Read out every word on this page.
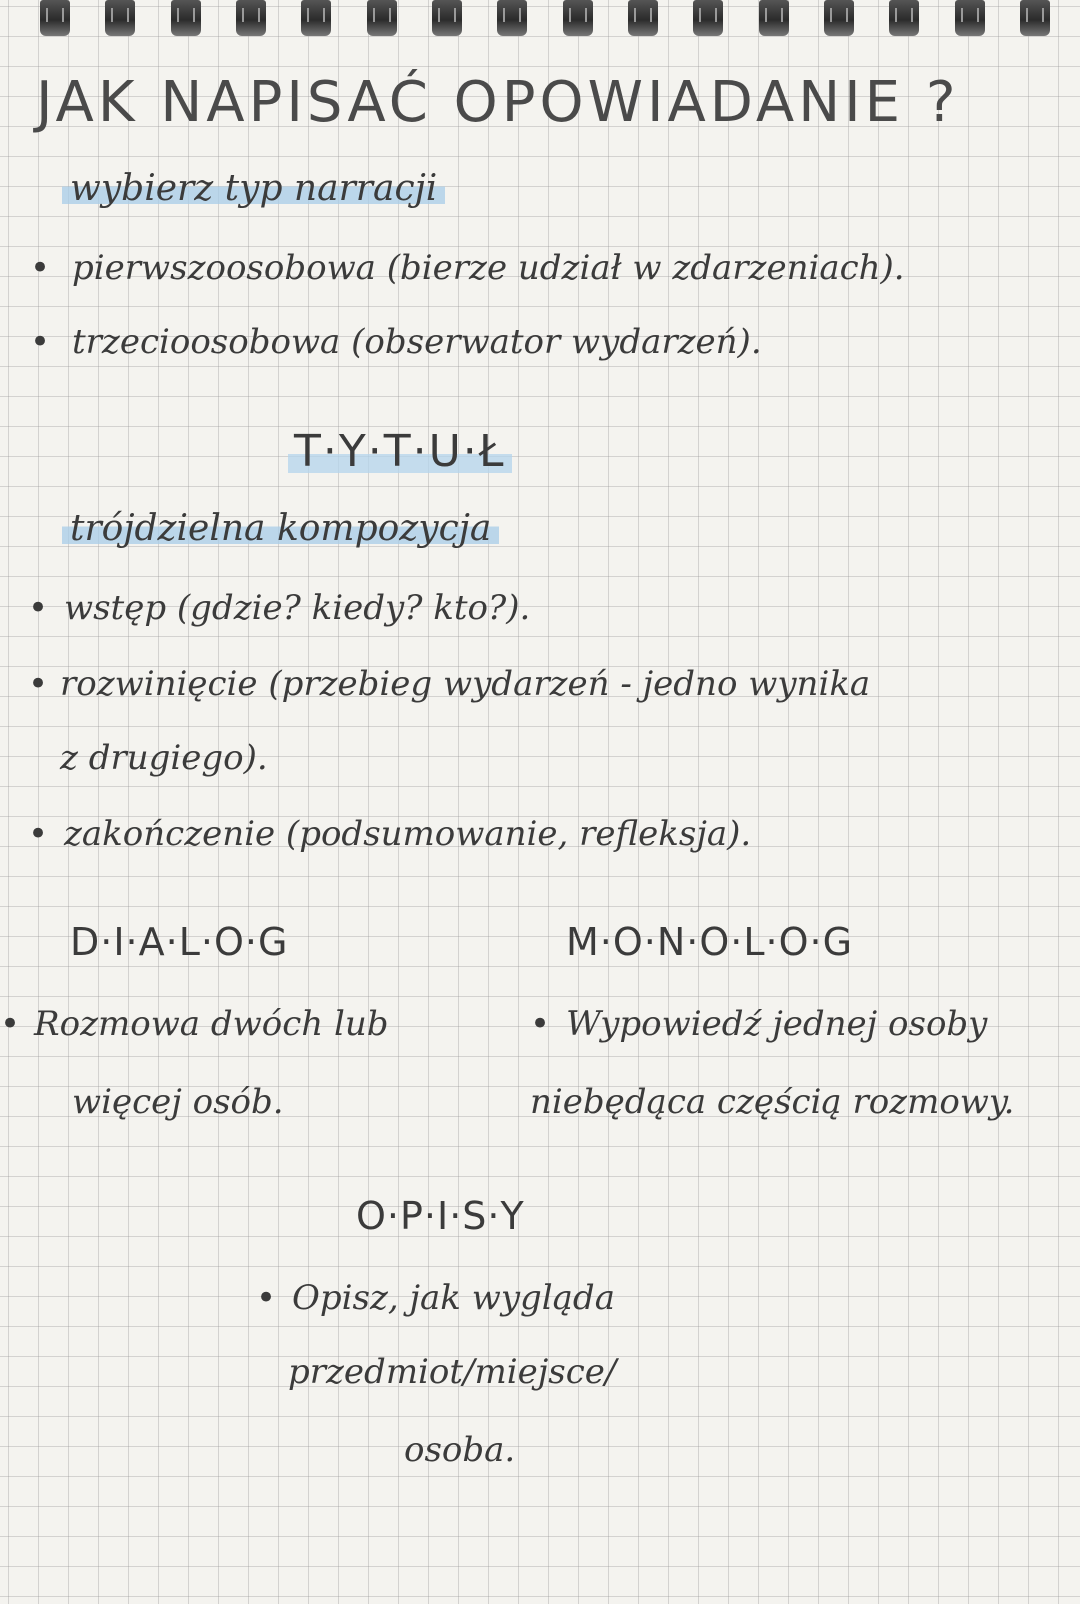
JAK NAPISAĆ OPOWIADANIE ?
wybierz typ narracji
• pierwszoosobowa (bierze udział w zdarzeniach).
• trzecioosobowa (obserwator wydarzeń).
T·Y·T·U·Ł
trójdzielna kompozycja
• wstęp (gdzie? kiedy? kto?).
• rozwinięcie (przebieg wydarzeń - jedno wynika
z drugiego).
• zakończenie (podsumowanie, refleksja).
D·I·A·L·O·G
• Rozmowa dwóch lub
więcej osób.
M·O·N·O·L·O·G
• Wypowiedź jednej osoby
niebędąca częścią rozmowy.
O·P·I·S·Y
• Opisz, jak wygląda
przedmiot/miejsce/
osoba.
